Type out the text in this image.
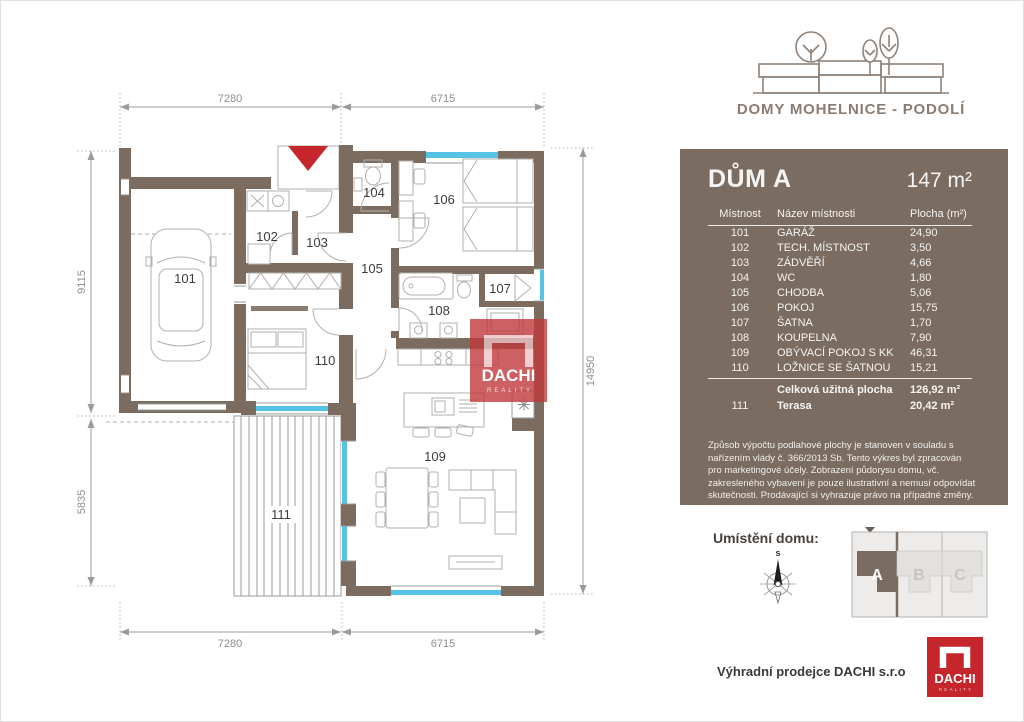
7280	6715
7280	6715
9115
5835
14950
101
102 103
104
105
106
107
108
109
110
111
DACHI
REALITY
DOMY MOHELNICE - PODOLÍ
DŮM A	147 m²
Místnost	Název místnosti	Plocha (m²)
101	GARÁŽ	24,90
102	TECH. MÍSTNOST	3,50
103	ZÁDVĚŘÍ	4,66
104	WC	1,80
105	CHODBA	5,06
106	POKOJ	15,75
107	ŠATNA	1,70
108	KOUPELNA	7,90
109	OBÝVACÍ POKOJ S KK	46,31
110	LOŽNICE SE ŠATNOU	15,21
Celková užitná plocha	126,92 m²
111	Terasa	20,42 m²
Způsob výpočtu podlahové plochy je stanoven v souladu s nařízením vlády č. 366/2013 Sb. Tento výkres byl zpracován pro marketingové účely. Zobrazení půdorysu domu, vč. zakresleného vybavení je pouze ilustrativní a nemusí odpovídat skutečnosti. Prodávající si vyhrazuje právo na případné změny.
Umístění domu:
s
A B C
Výhradní prodejce DACHI s.r.o DACHI
REALITY
